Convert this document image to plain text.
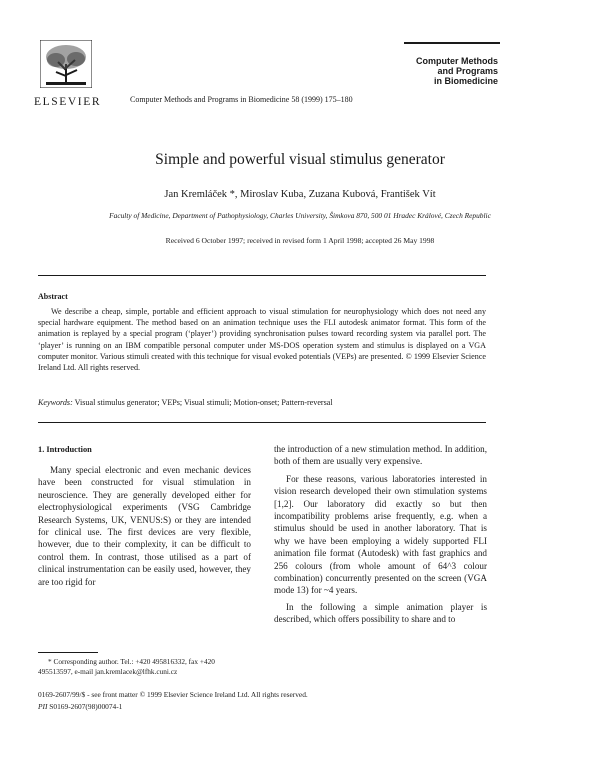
ELSEVIER	Computer Methods and Programs in Biomedicine 58 (1999) 175–180
Computer Methods
and Programs
in Biomedicine
Simple and powerful visual stimulus generator
Jan Kremláček *, Miroslav Kuba, Zuzana Kubová, František Vít
Faculty of Medicine, Department of Pathophysiology, Charles University, Šimkova 870, 500 01 Hradec Králové, Czech Republic
Received 6 October 1997; received in revised form 1 April 1998; accepted 26 May 1998
Abstract
We describe a cheap, simple, portable and efficient approach to visual stimulation for neurophysiology which does not need any special hardware equipment. The method based on an animation technique uses the FLI autodesk animator format. This form of the animation is replayed by a special program (‘player’) providing synchronisation pulses toward recording system via parallel port. The ‘player’ is running on an IBM compatible personal computer under MS-DOS operation system and stimulus is displayed on a VGA computer monitor. Various stimuli created with this technique for visual evoked potentials (VEPs) are presented. © 1999 Elsevier Science Ireland Ltd. All rights reserved.
Keywords: Visual stimulus generator; VEPs; Visual stimuli; Motion-onset; Pattern-reversal
1. Introduction

Many special electronic and even mechanic devices have been constructed for visual stimulation in neuroscience. They are generally developed either for electrophysiological experiments (VSG Cambridge Research Systems, UK, VENUS:S) or they are intended for clinical use. The first devices are very flexible, however, due to their complexity, it can be difficult to control them. In contrast, those utilised as a part of clinical instrumentation can be easily used, however, they are too rigid for

the introduction of a new stimulation method. In addition, both of them are usually very expensive.

For these reasons, various laboratories interested in vision research developed their own stimulation systems [1,2]. Our laboratory did exactly so but then incompatibility problems arise frequently, e.g. when a stimulus should be used in another laboratory. That is why we have been employing a widely supported FLI animation file format (Autodesk) with fast graphics and 256 colours (from whole amount of 64^3 colour combination) concurrently presented on the screen (VGA mode 13) for ~4 years.

In the following a simple animation player is described, which offers possibility to share and to

* Corresponding author. Tel.: +420 495816332, fax +420 495513597, e-mail jan.kremlacek@lfhk.cuni.cz
0169-2607/99/$ - see front matter © 1999 Elsevier Science Ireland Ltd. All rights reserved.
PII S0169-2607(98)00074-1
